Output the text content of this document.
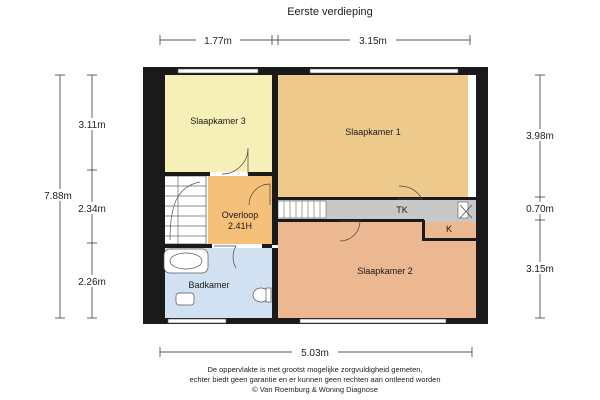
Eerste verdieping
Slaapkamer 3
Slaapkamer 1
Overloop
2.41H
TK
K
Badkamer
Slaapkamer 2
1.77m	3.15m
5.03m
7.88m
3.11m
2.34m
2.26m
3.98m
0.70m
3.15m
De oppervlakte is met grootst mogelijke zorgvuldigheid gemeten,
echter biedt geen garantie en er kunnen geen rechten aan ontleend worden
© Van Roemburg & Woning Diagnose
